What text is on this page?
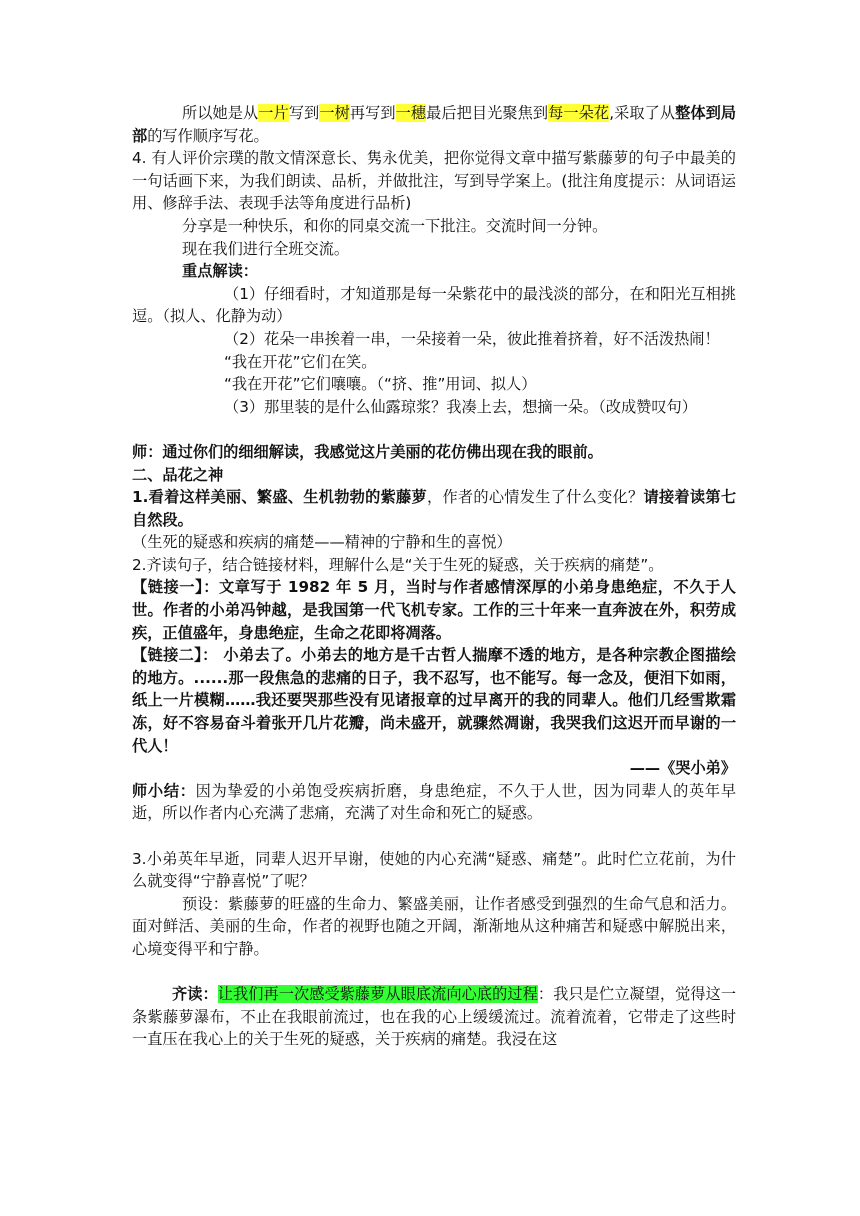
所以她是从一片写到一树再写到一穗最后把目光聚焦到每一朵花,采取了从整体到局部的写作顺序写花。

4. 有人评价宗璞的散文情深意长、隽永优美，把你觉得文章中描写紫藤萝的句子中最美的一句话画下来，为我们朗读、品析，并做批注，写到导学案上。(批注角度提示：从词语运用、修辞手法、表现手法等角度进行品析)

分享是一种快乐，和你的同桌交流一下批注。交流时间一分钟。

现在我们进行全班交流。

重点解读：

（1）仔细看时，才知道那是每一朵紫花中的最浅淡的部分，在和阳光互相挑逗。（拟人、化静为动）

（2）花朵一串挨着一串，一朵接着一朵，彼此推着挤着，好不活泼热闹！

“我在开花”它们在笑。

“我在开花”它们嚷嚷。（“挤、推”用词、拟人）

（3）那里装的是什么仙露琼浆？我凑上去，想摘一朵。（改成赞叹句）

师：通过你们的细细解读，我感觉这片美丽的花仿佛出现在我的眼前。

二、品花之神

1.看着这样美丽、繁盛、生机勃勃的紫藤萝，作者的心情发生了什么变化？请接着读第七自然段。

（生死的疑惑和疾病的痛楚——精神的宁静和生的喜悦）

2.齐读句子，结合链接材料，理解什么是“关于生死的疑惑，关于疾病的痛楚”。

【链接一】：文章写于 1982 年 5 月，当时与作者感情深厚的小弟身患绝症，不久于人世。作者的小弟冯钟越，是我国第一代飞机专家。工作的三十年来一直奔波在外，积劳成疾，正值盛年，身患绝症，生命之花即将凋落。

【链接二】： 小弟去了。小弟去的地方是千古哲人揣摩不透的地方，是各种宗教企图描绘的地方。......那一段焦急的悲痛的日子，我不忍写，也不能写。每一念及，便泪下如雨，纸上一片模糊……我还要哭那些没有见诸报章的过早离开的我的同辈人。他们几经雪欺霜冻，好不容易奋斗着张开几片花瓣，尚未盛开，就骤然凋谢，我哭我们这迟开而早谢的一代人！

——《哭小弟》

师小结：因为挚爱的小弟饱受疾病折磨，身患绝症，不久于人世，因为同辈人的英年早逝，所以作者内心充满了悲痛，充满了对生命和死亡的疑惑。

3.小弟英年早逝，同辈人迟开早谢，使她的内心充满“疑惑、痛楚”。此时伫立花前，为什么就变得“宁静喜悦”了呢？

预设：紫藤萝的旺盛的生命力、繁盛美丽，让作者感受到强烈的生命气息和活力。面对鲜活、美丽的生命，作者的视野也随之开阔，渐渐地从这种痛苦和疑惑中解脱出来，心境变得平和宁静。

齐读：让我们再一次感受紫藤萝从眼底流向心底的过程：我只是伫立凝望，觉得这一条紫藤萝瀑布，不止在我眼前流过，也在我的心上缓缓流过。流着流着，它带走了这些时一直压在我心上的关于生死的疑惑，关于疾病的痛楚。我浸在这
